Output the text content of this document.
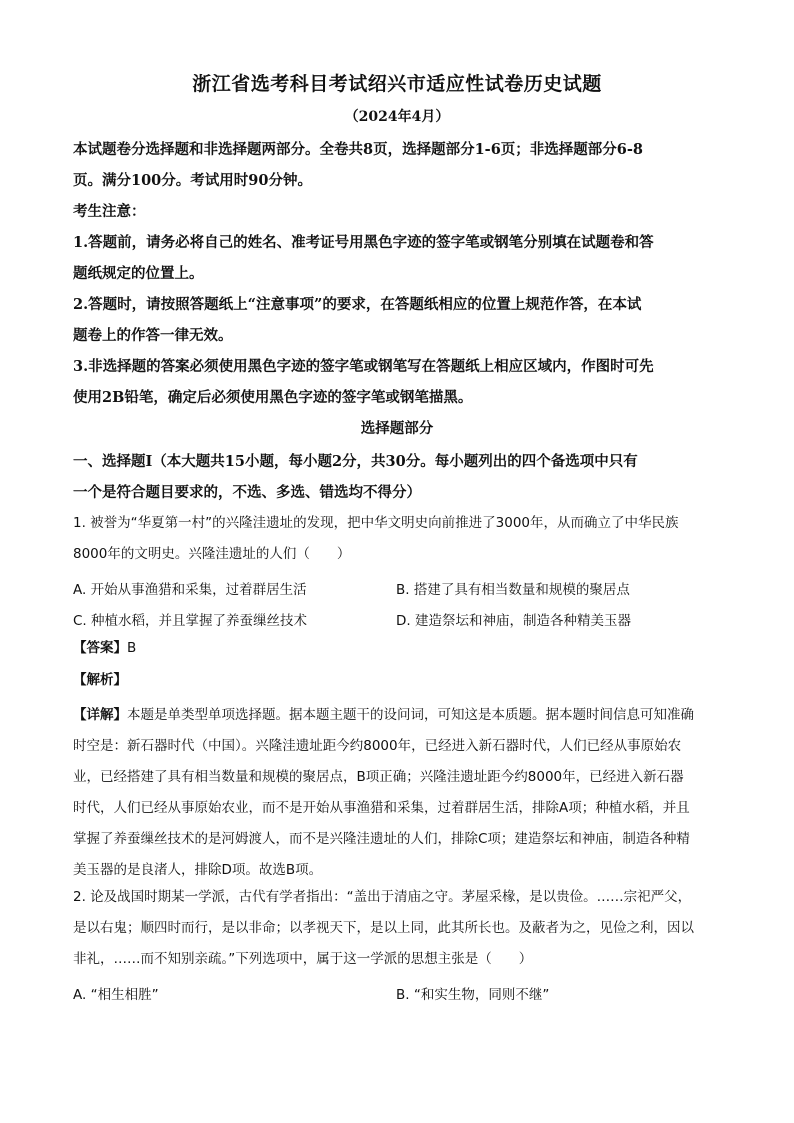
浙江省选考科目考试绍兴市适应性试卷历史试题
（2024年4月）
本试题卷分选择题和非选择题两部分。全卷共8页，选择题部分1-6页；非选择题部分6-8
页。满分100分。考试用时90分钟。
考生注意：
1.答题前，请务必将自己的姓名、准考证号用黑色字迹的签字笔或钢笔分别填在试题卷和答
题纸规定的位置上。
2.答题时，请按照答题纸上“注意事项”的要求，在答题纸相应的位置上规范作答，在本试
题卷上的作答一律无效。
3.非选择题的答案必须使用黑色字迹的签字笔或钢笔写在答题纸上相应区域内，作图时可先
使用2B铅笔，确定后必须使用黑色字迹的签字笔或钢笔描黑。
选择题部分
一、选择题Ⅰ（本大题共15小题，每小题2分，共30分。每小题列出的四个备选项中只有
一个是符合题目要求的，不选、多选、错选均不得分）
1. 被誉为“华夏第一村”的兴隆洼遗址的发现，把中华文明史向前推进了3000年，从而确立了中华民族
8000年的文明史。兴隆洼遗址的人们（　　）
A. 开始从事渔猎和采集，过着群居生活	B. 搭建了具有相当数量和规模的聚居点
C. 种植水稻，并且掌握了养蚕缫丝技术	D. 建造祭坛和神庙，制造各种精美玉器
【答案】B
【解析】
【详解】本题是单类型单项选择题。据本题主题干的设问词，可知这是本质题。据本题时间信息可知准确
时空是：新石器时代（中国）。兴隆洼遗址距今约8000年，已经进入新石器时代，人们已经从事原始农
业，已经搭建了具有相当数量和规模的聚居点，B项正确；兴隆洼遗址距今约8000年，已经进入新石器
时代，人们已经从事原始农业，而不是开始从事渔猎和采集，过着群居生活，排除A项；种植水稻，并且
掌握了养蚕缫丝技术的是河姆渡人，而不是兴隆洼遗址的人们，排除C项；建造祭坛和神庙，制造各种精
美玉器的是良渚人，排除D项。故选B项。
2. 论及战国时期某一学派，古代有学者指出：“盖出于清庙之守。茅屋采椽，是以贵俭。……宗祀严父，
是以右鬼；顺四时而行，是以非命；以孝视天下，是以上同，此其所长也。及蔽者为之，见俭之利，因以
非礼，……而不知别亲疏。”下列选项中，属于这一学派的思想主张是（　　）
A. “相生相胜”	B. “和实生物，同则不继”
